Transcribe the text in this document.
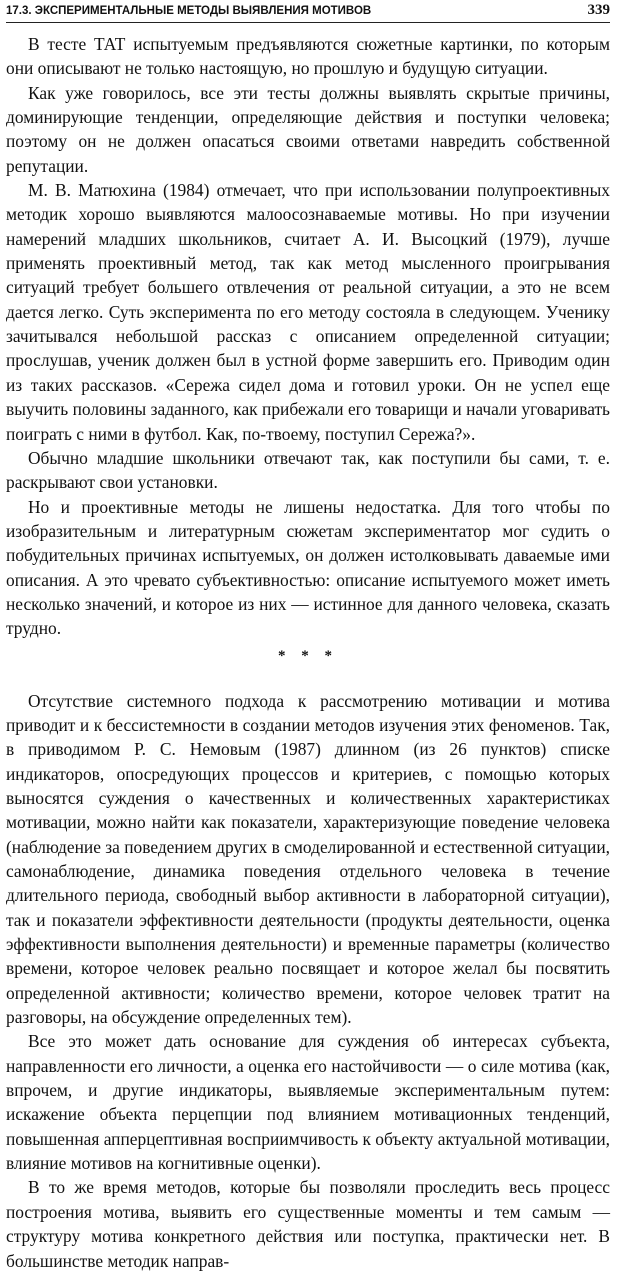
17.3. ЭКСПЕРИМЕНТАЛЬНЫЕ МЕТОДЫ ВЫЯВЛЕНИЯ МОТИВОВ	339

В тесте ТАТ испытуемым предъявляются сюжетные картинки, по которым они описывают не только настоящую, но прошлую и будущую ситуации.

Как уже говорилось, все эти тесты должны выявлять скрытые причины, доминирующие тенденции, определяющие действия и поступки человека; поэтому он не должен опасаться своими ответами навредить собственной репутации.

М. В. Матюхина (1984) отмечает, что при использовании полупроективных методик хорошо выявляются малоосознаваемые мотивы. Но при изучении намерений младших школьников, считает А. И. Высоцкий (1979), лучше применять проективный метод, так как метод мысленного проигрывания ситуаций требует большего отвлечения от реальной ситуации, а это не всем дается легко. Суть эксперимента по его методу состояла в следующем. Ученику зачитывался небольшой рассказ с описанием определенной ситуации; прослушав, ученик должен был в устной форме завершить его. Приводим один из таких рассказов. «Сережа сидел дома и готовил уроки. Он не успел еще выучить половины заданного, как прибежали его товарищи и начали уговаривать поиграть с ними в футбол. Как, по-твоему, поступил Сережа?».

Обычно младшие школьники отвечают так, как поступили бы сами, т. е. раскрывают свои установки.

Но и проективные методы не лишены недостатка. Для того чтобы по изобразительным и литературным сюжетам экспериментатор мог судить о побудительных причинах испытуемых, он должен истолковывать даваемые ими описания. А это чревато субъективностью: описание испытуемого может иметь несколько значений, и которое из них — истинное для данного человека, сказать трудно.

* * *

Отсутствие системного подхода к рассмотрению мотивации и мотива приводит и к бессистемности в создании методов изучения этих феноменов. Так, в приводимом Р. С. Немовым (1987) длинном (из 26 пунктов) списке индикаторов, опосредующих процессов и критериев, с помощью которых выносятся суждения о качественных и количественных характеристиках мотивации, можно найти как показатели, характеризующие поведение человека (наблюдение за поведением других в смоделированной и естественной ситуации, самонаблюдение, динамика поведения отдельного человека в течение длительного периода, свободный выбор активности в лабораторной ситуации), так и показатели эффективности деятельности (продукты деятельности, оценка эффективности выполнения деятельности) и временные параметры (количество времени, которое человек реально посвящает и которое желал бы посвятить определенной активности; количество времени, которое человек тратит на разговоры, на обсуждение определенных тем).

Все это может дать основание для суждения об интересах субъекта, направленности его личности, а оценка его настойчивости — о силе мотива (как, впрочем, и другие индикаторы, выявляемые экспериментальным путем: искажение объекта перцепции под влиянием мотивационных тенденций, повышенная апперцептивная восприимчивость к объекту актуальной мотивации, влияние мотивов на когнитивные оценки).

В то же время методов, которые бы позволяли проследить весь процесс построения мотива, выявить его существенные моменты и тем самым — структуру мотива конкретного действия или поступка, практически нет. В большинстве методик направ-
